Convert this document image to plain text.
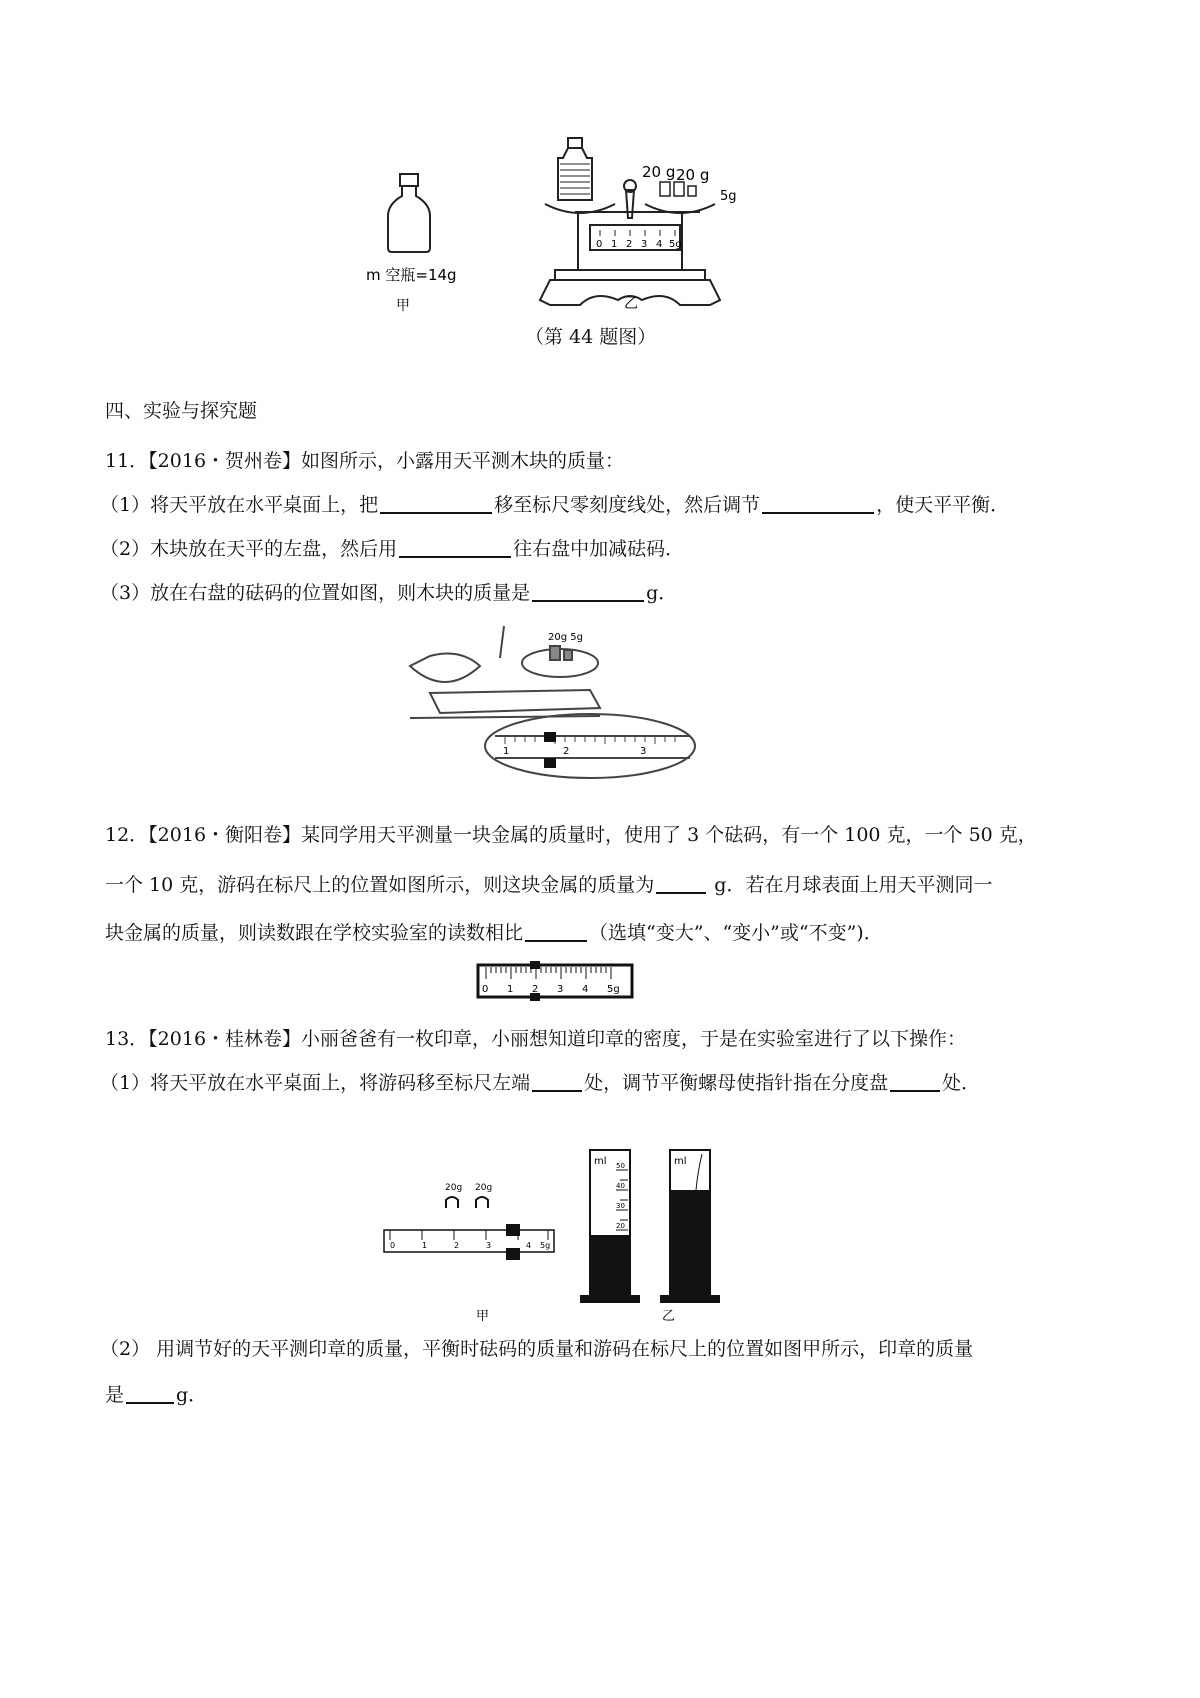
0 1 2 3 4 5g
20 g 20 g
5g
m 空瓶=14g
甲	乙
（第 44 题图）
四、实验与探究题
11．【2016・贺州卷】如图所示，小露用天平测木块的质量：
（1）将天平放在水平桌面上，把	移至标尺零刻度线处，然后调节	，使天平平衡．
（2）木块放在天平的左盘，然后用	往右盘中加减砝码．
（3）放在右盘的砝码的位置如图，则木块的质量是	g．
20g 5g
1	2	3
12．【2016・衡阳卷】某同学用天平测量一块金属的质量时，使用了 3 个砝码，有一个 100 克，一个 50 克，
一个 10 克，游码在标尺上的位置如图所示，则这块金属的质量为	g．若在月球表面上用天平测同一
块金属的质量，则读数跟在学校实验室的读数相比	（选填“变大”、“变小”或“不变”)．
0 1 2 3 4 5g
13．【2016・桂林卷】小丽爸爸有一枚印章，小丽想知道印章的密度，于是在实验室进行了以下操作：
（1）将天平放在水平桌面上，将游码移至标尺左端	处，调节平衡螺母使指针指在分度盘	处．
20g 20g
0	1	2	3	4 5g
ml 50
40
30
20
ml
甲	乙
（2） 用调节好的天平测印章的质量，平衡时砝码的质量和游码在标尺上的位置如图甲所示，印章的质量
是	g．
